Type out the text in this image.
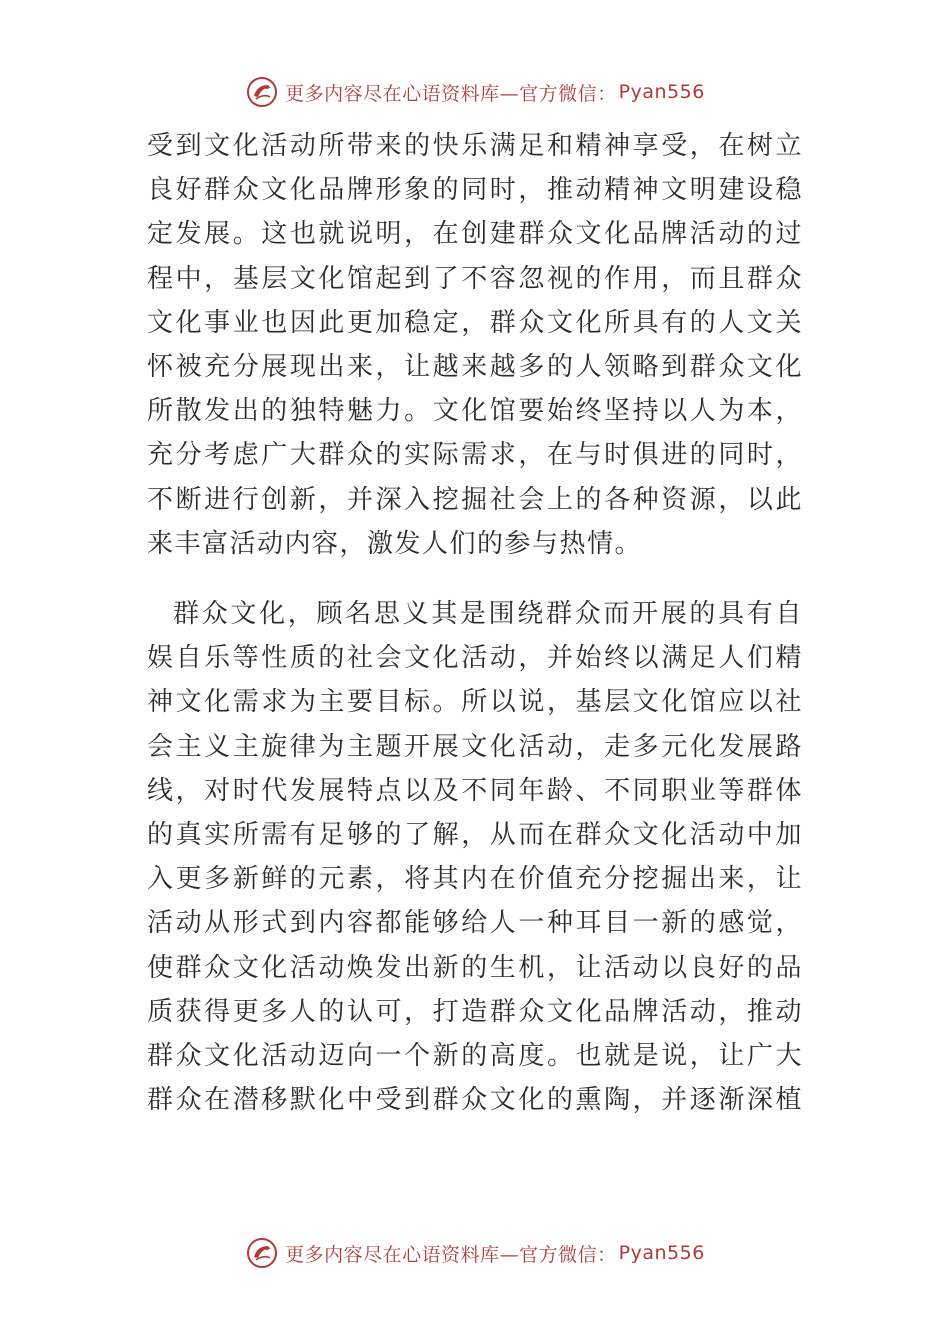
更多内容尽在心语资料库—官方微信： Pyan556

受到文化活动所带来的快乐满足和精神享受，在树立
良好群众文化品牌形象的同时，推动精神文明建设稳
定发展。这也就说明，在创建群众文化品牌活动的过
程中，基层文化馆起到了不容忽视的作用，而且群众
文化事业也因此更加稳定，群众文化所具有的人文关
怀被充分展现出来，让越来越多的人领略到群众文化
所散发出的独特魅力。文化馆要始终坚持以人为本，
充分考虑广大群众的实际需求，在与时俱进的同时，
不断进行创新，并深入挖掘社会上的各种资源，以此
来丰富活动内容，激发人们的参与热情。

群众文化，顾名思义其是围绕群众而开展的具有自
娱自乐等性质的社会文化活动，并始终以满足人们精
神文化需求为主要目标。所以说，基层文化馆应以社
会主义主旋律为主题开展文化活动，走多元化发展路
线，对时代发展特点以及不同年龄、不同职业等群体
的真实所需有足够的了解，从而在群众文化活动中加
入更多新鲜的元素，将其内在价值充分挖掘出来，让
活动从形式到内容都能够给人一种耳目一新的感觉，
使群众文化活动焕发出新的生机，让活动以良好的品
质获得更多人的认可，打造群众文化品牌活动，推动
群众文化活动迈向一个新的高度。也就是说，让广大
群众在潜移默化中受到群众文化的熏陶，并逐渐深植

更多内容尽在心语资料库—官方微信： Pyan556
